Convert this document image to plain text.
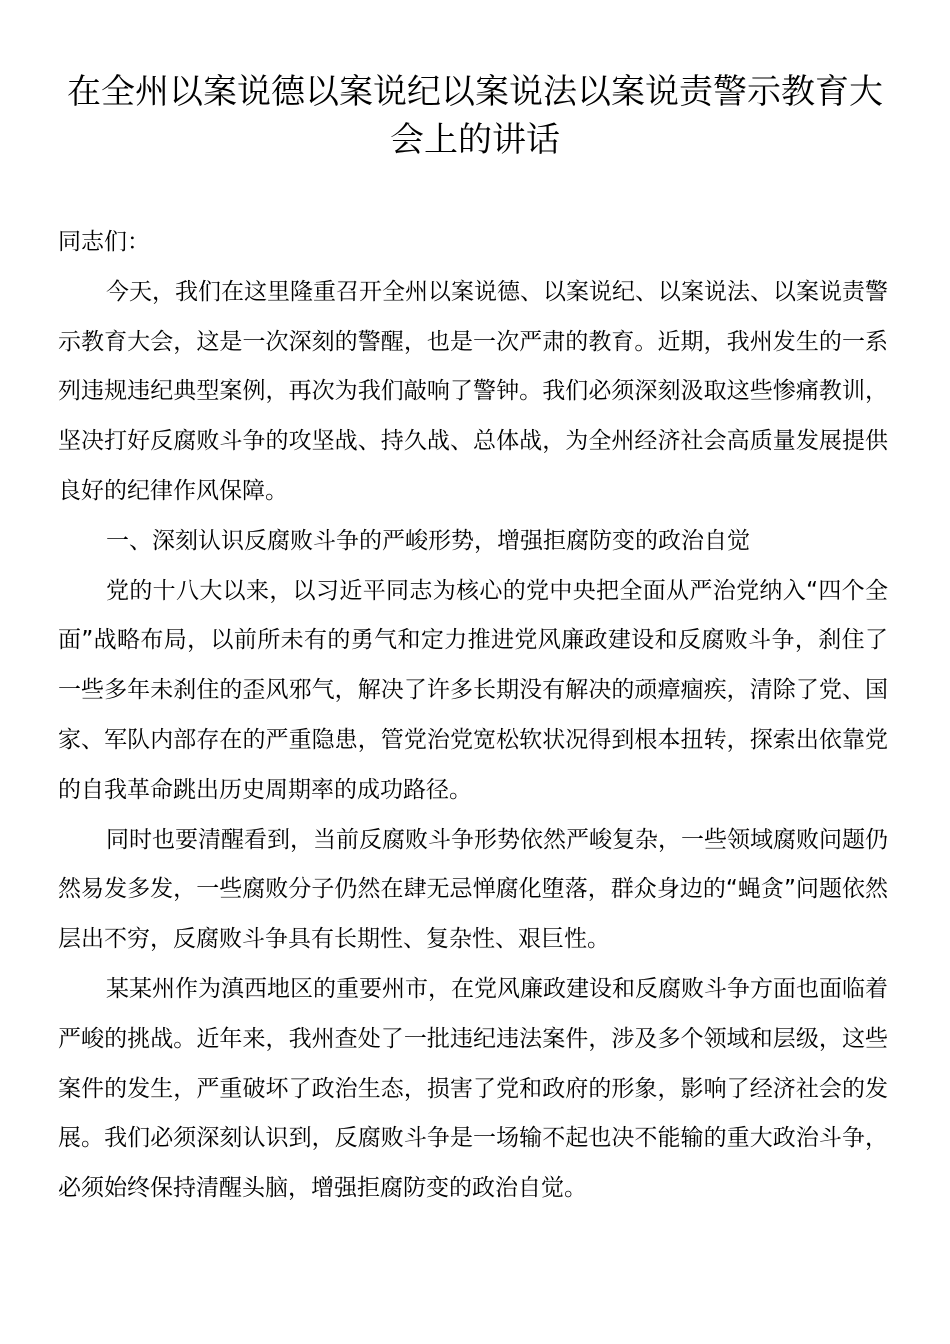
在全州以案说德以案说纪以案说法以案说责警示教育大会上的讲话

同志们：

今天，我们在这里隆重召开全州以案说德、以案说纪、以案说法、以案说责警示教育大会，这是一次深刻的警醒，也是一次严肃的教育。近期，我州发生的一系列违规违纪典型案例，再次为我们敲响了警钟。我们必须深刻汲取这些惨痛教训，坚决打好反腐败斗争的攻坚战、持久战、总体战，为全州经济社会高质量发展提供良好的纪律作风保障。

一、深刻认识反腐败斗争的严峻形势，增强拒腐防变的政治自觉

党的十八大以来，以习近平同志为核心的党中央把全面从严治党纳入“四个全面”战略布局，以前所未有的勇气和定力推进党风廉政建设和反腐败斗争，刹住了一些多年未刹住的歪风邪气，解决了许多长期没有解决的顽瘴痼疾，清除了党、国家、军队内部存在的严重隐患，管党治党宽松软状况得到根本扭转，探索出依靠党的自我革命跳出历史周期率的成功路径。

同时也要清醒看到，当前反腐败斗争形势依然严峻复杂，一些领域腐败问题仍然易发多发，一些腐败分子仍然在肆无忌惮腐化堕落，群众身边的“蝇贪”问题依然层出不穷，反腐败斗争具有长期性、复杂性、艰巨性。

某某州作为滇西地区的重要州市，在党风廉政建设和反腐败斗争方面也面临着严峻的挑战。近年来，我州查处了一批违纪违法案件，涉及多个领域和层级，这些案件的发生，严重破坏了政治生态，损害了党和政府的形象，影响了经济社会的发展。我们必须深刻认识到，反腐败斗争是一场输不起也决不能输的重大政治斗争，必须始终保持清醒头脑，增强拒腐防变的政治自觉。
